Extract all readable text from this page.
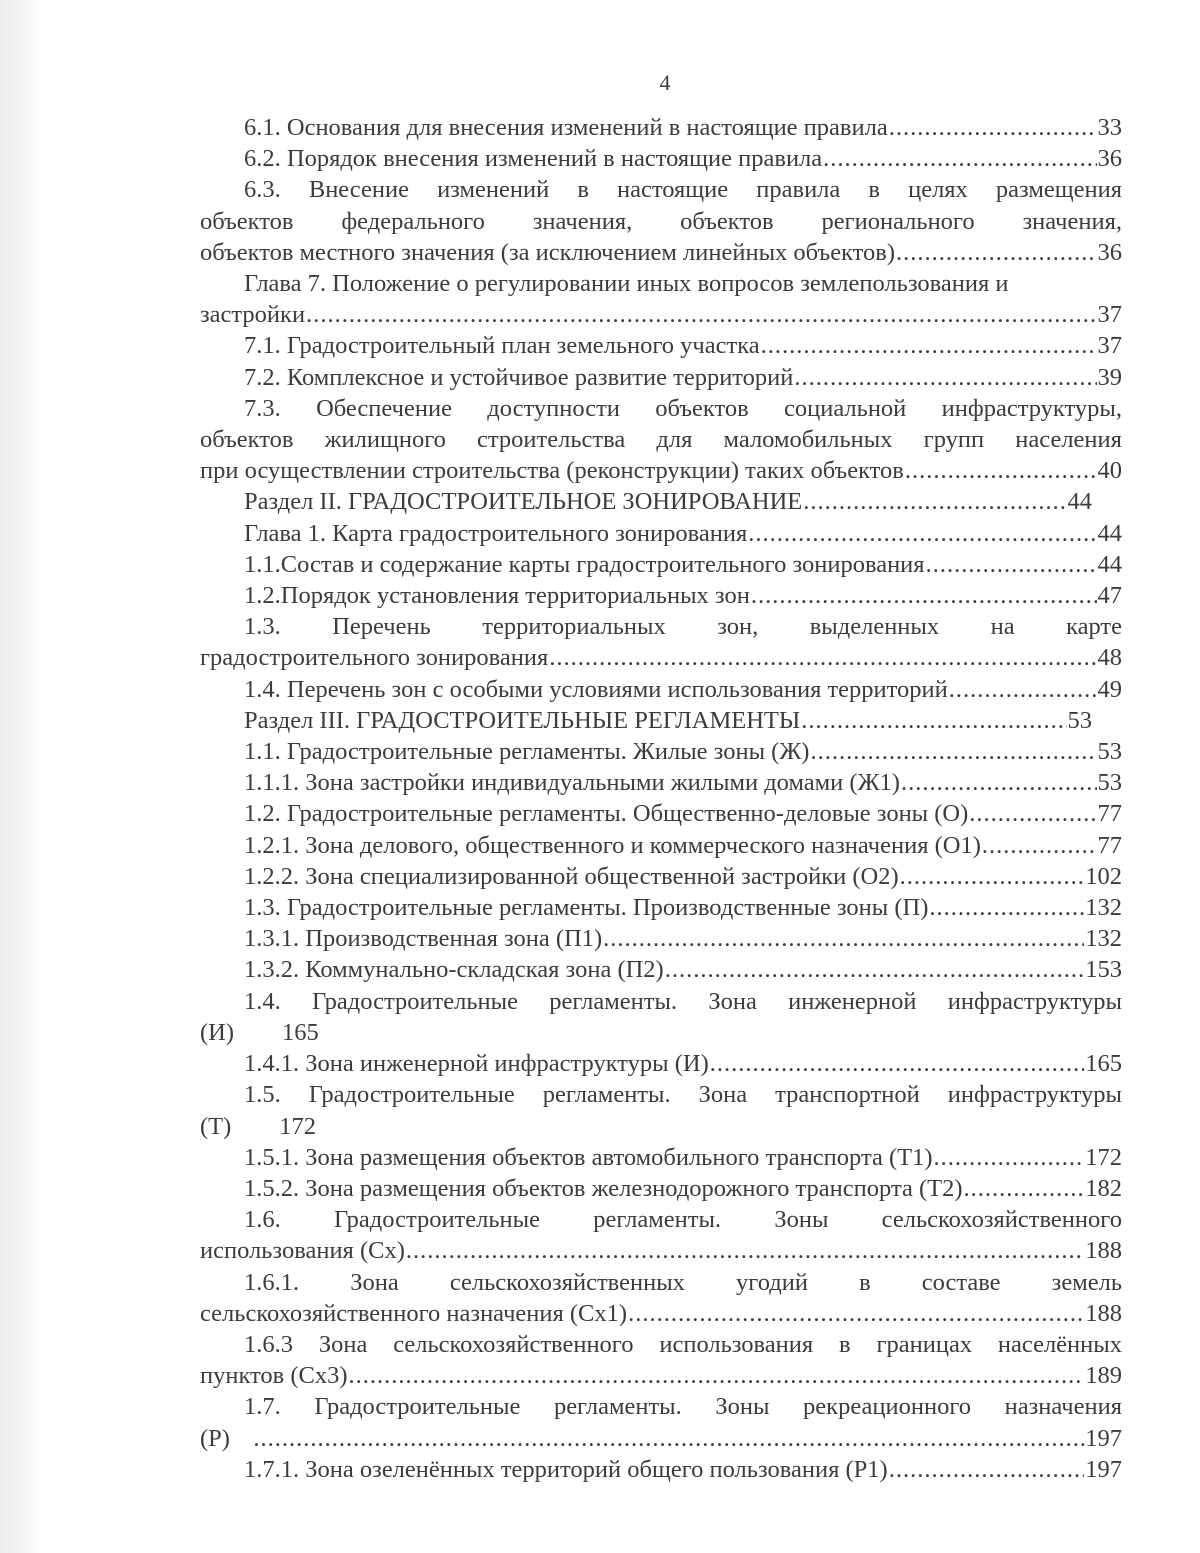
4
6.1. Основания для внесения изменений в настоящие правила .....	33
6.2. Порядок внесения изменений в настоящие правила .....	36
6.3. Внесение изменений в настоящие правила в целях размещения
объектов федерального значения, объектов регионального значения,
объектов местного значения (за исключением линейных объектов) .....	36
Глава 7. Положение о регулировании иных вопросов землепользования и
застройки .....	37
7.1. Градостроительный план земельного участка .....	37
7.2. Комплексное и устойчивое развитие территорий .....	39
7.3. Обеспечение доступности объектов социальной инфраструктуры,
объектов жилищного строительства для маломобильных групп населения
при осуществлении строительства (реконструкции) таких объектов .....	40
Раздел II. ГРАДОСТРОИТЕЛЬНОЕ ЗОНИРОВАНИЕ .....	44
Глава 1. Карта градостроительного зонирования .....	44
1.1.Состав и содержание карты градостроительного зонирования .....	44
1.2.Порядок установления территориальных зон .....	47
1.3. Перечень территориальных зон, выделенных на карте
градостроительного зонирования .....	48
1.4. Перечень зон с особыми условиями использования территорий .....	49
Раздел III. ГРАДОСТРОИТЕЛЬНЫЕ РЕГЛАМЕНТЫ .....	53
1.1. Градостроительные регламенты. Жилые зоны (Ж) .....	53
1.1.1. Зона застройки индивидуальными жилыми домами (Ж1) .....	53
1.2. Градостроительные регламенты. Общественно-деловые зоны (О) .....	77
1.2.1. Зона делового, общественного и коммерческого назначения (О1) .....	77
1.2.2. Зона специализированной общественной застройки (О2) .....	102
1.3. Градостроительные регламенты. Производственные зоны (П) .....	132
1.3.1. Производственная зона (П1) .....	132
1.3.2. Коммунально-складская зона (П2) .....	153
1.4. Градостроительные регламенты. Зона инженерной инфраструктуры
(И) 165
1.4.1. Зона инженерной инфраструктуры (И) .....	165
1.5. Градостроительные регламенты. Зона транспортной инфраструктуры
(Т) 172
1.5.1. Зона размещения объектов автомобильного транспорта (Т1) .....	172
1.5.2. Зона размещения объектов железнодорожного транспорта (Т2) .....	182
1.6. Градостроительные регламенты. Зоны сельскохозяйственного
использования (Сх) .....	188
1.6.1. Зона сельскохозяйственных угодий в составе земель
сельскохозяйственного назначения (Сх1) .....	188
1.6.3 Зона сельскохозяйственного использования в границах населённых
пунктов (Сх3) .....	189
1.7. Градостроительные регламенты. Зоны рекреационного назначения
(Р) .....	197
1.7.1. Зона озеленённых территорий общего пользования (Р1) .....	197
